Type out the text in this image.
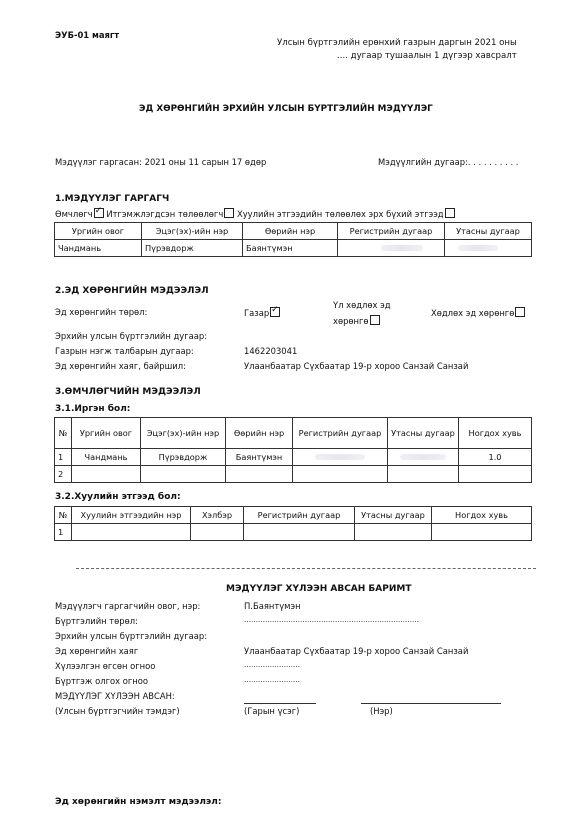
ЭУБ-01 маягт
Улсын бүртгэлийн ерөнхий газрын даргын 2021 оны
.... дугаар тушаалын 1 дүгээр хавсралт
ЭД ХӨРӨНГИЙН ЭРХИЙН УЛСЫН БҮРТГЭЛИЙН МЭДҮҮЛЭГ
Мэдүүлэг гаргасан: 2021 оны 11 сарын 17 өдөр	Мэдүүлгийн дугаар:. . . . . . . . . .
1.МЭДҮҮЛЭГ ГАРГАГЧ
Өмчлөгч ✓ Итгэмжлэгдсэн төлөөлөгч Хуулийн этгээдийн төлөөлөх эрх бүхий этгээд
Ургийн овог	Эцэг(эх)-ийн нэр	Өөрийн нэр	Регистрийн дугаар	Утасны дугаар
Чандмань	Пүрэвдорж	Баянтүмэн		
2.ЭД ХӨРӨНГИЙН МЭДЭЭЛЭЛ
Эд хөрөнгийн төрөл:	Газар✓
Үл хөдлөх эд
хөрөнгө
Хөдлөх эд хөрөнгө
Эрхийн улсын бүртгэлийн дугаар:
Газрын нэгж талбарын дугаар:	1462203041
Эд хөрөнгийн хаяг, байршил:	Улаанбаатар Сүхбаатар 19-р хороо Санзай Санзай
3.ӨМЧЛӨГЧИЙН МЭДЭЭЛЭЛ
3.1.Иргэн бол:
№	Ургийн овог	Эцэг(эх)-ийн нэр	Өөрийн нэр	Регистрийн дугаар	Утасны дугаар	Ногдох хувь
1	Чандмань	Пүрэвдорж	Баянтүмэн			1.0
2						
3.2.Хуулийн этгээд бол:
№	Хуулийн этгээдийн нэр	Хэлбэр	Регистрийн дугаар	Утасны дугаар	Ногдох хувь
1					
МЭДҮҮЛЭГ ХҮЛЭЭН АВСАН БАРИМТ
Мэдүүлэгч гаргагчийн овог, нэр:	П.Баянтүмэн
Бүртгэлийн төрөл:	…………………………………………………………………
Эрхийн улсын бүртгэлийн дугаар:
Эд хөрөнгийн хаяг	Улаанбаатар Сүхбаатар 19-р хороо Санзай Санзай
Хүлээлгэн өгсөн огноо	……………………
Бүртгэж олгох огноо	……………………
МЭДҮҮЛЭГ ХҮЛЭЭН АВСАН:
(Улсын бүртгэгчийн тэмдэг)	(Гарын үсэг)	(Нэр)
Эд хөрөнгийн нэмэлт мэдээлэл:
